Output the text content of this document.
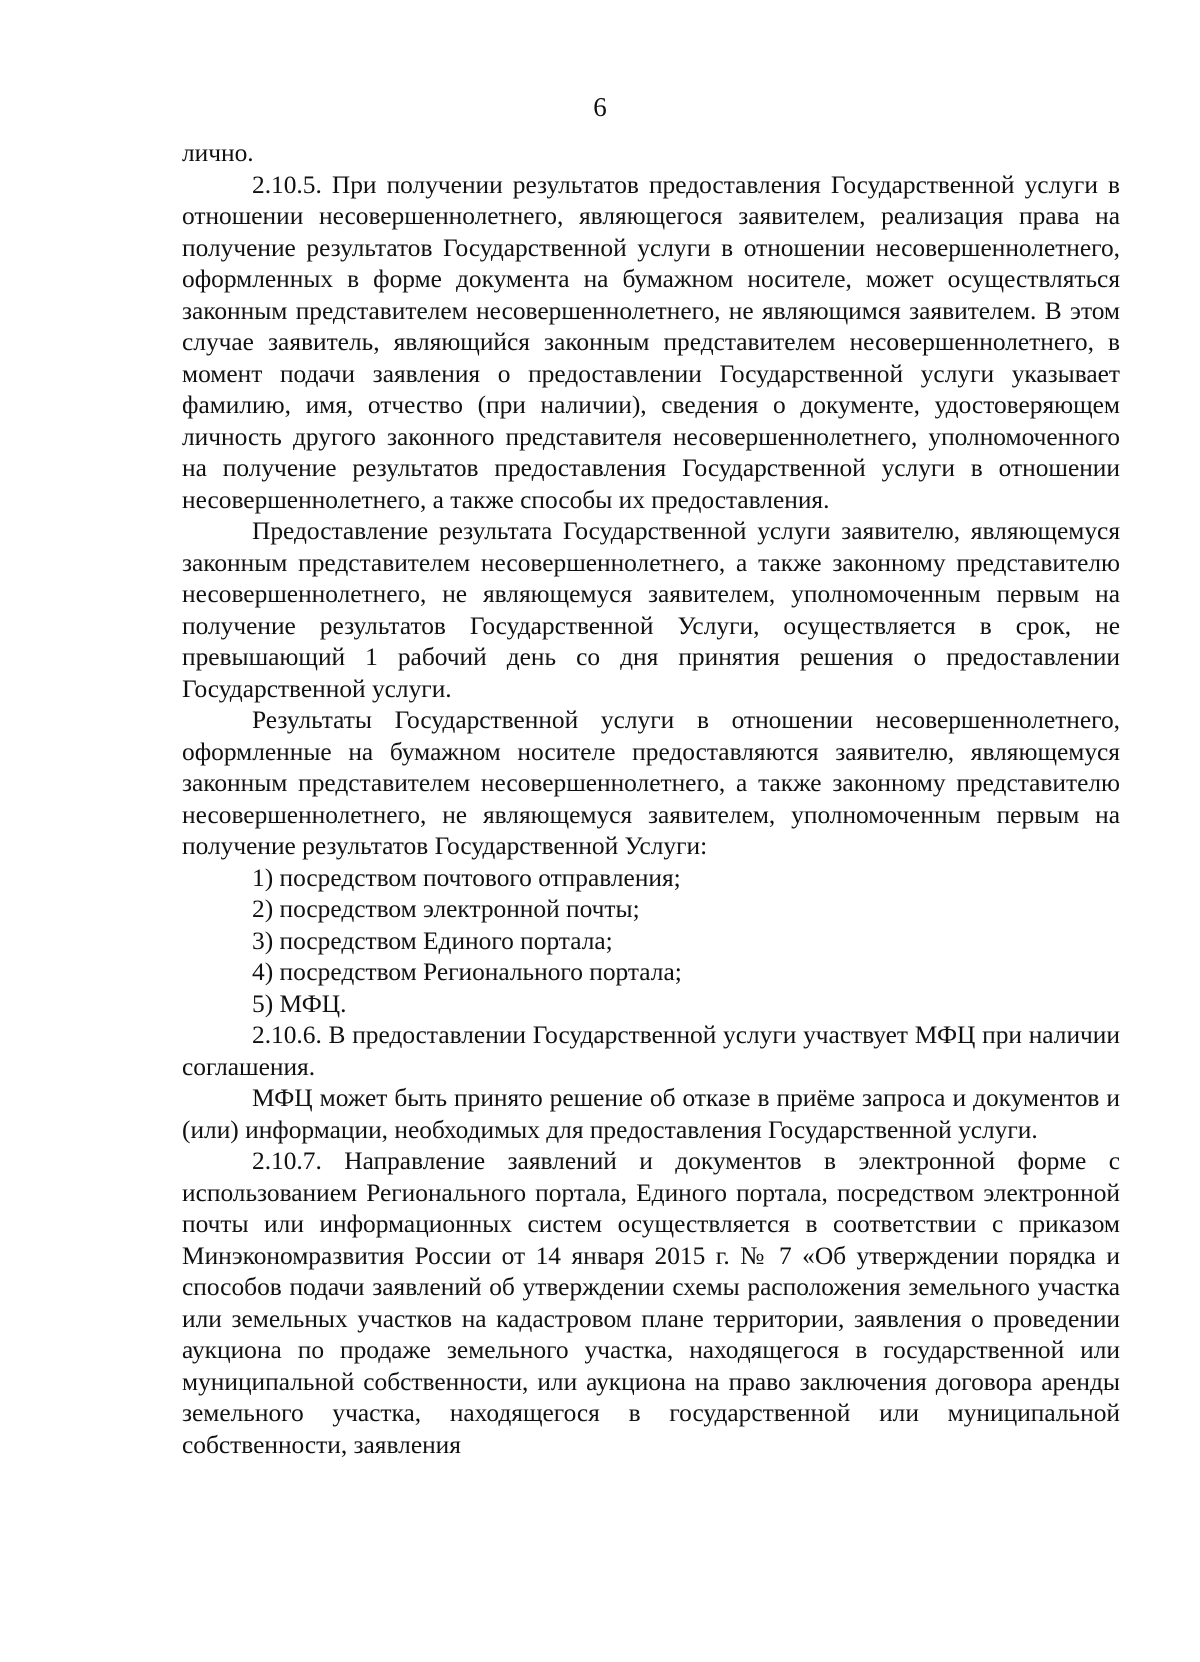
6

лично.

2.10.5. При получении результатов предоставления Государственной услуги в отношении несовершеннолетнего, являющегося заявителем, реализация права на получение результатов Государственной услуги в отношении несовершеннолетнего, оформленных в форме документа на бумажном носителе, может осуществляться законным представителем несовершеннолетнего, не являющимся заявителем. В этом случае заявитель, являющийся законным представителем несовершеннолетнего, в момент подачи заявления о предоставлении Государственной услуги указывает фамилию, имя, отчество (при наличии), сведения о документе, удостоверяющем личность другого законного представителя несовершеннолетнего, уполномоченного на получение результатов предоставления Государственной услуги в отношении несовершеннолетнего, а также способы их предоставления.

Предоставление результата Государственной услуги заявителю, являющемуся законным представителем несовершеннолетнего, а также законному представителю несовершеннолетнего, не являющемуся заявителем, уполномоченным первым на получение результатов Государственной Услуги, осуществляется в срок, не превышающий 1 рабочий день со дня принятия решения о предоставлении Государственной услуги.

Результаты Государственной услуги в отношении несовершеннолетнего, оформленные на бумажном носителе предоставляются заявителю, являющемуся законным представителем несовершеннолетнего, а также законному представителю несовершеннолетнего, не являющемуся заявителем, уполномоченным первым на получение результатов Государственной Услуги:

1) посредством почтового отправления;

2) посредством электронной почты;

3) посредством Единого портала;

4) посредством Регионального портала;

5) МФЦ.

2.10.6. В предоставлении Государственной услуги участвует МФЦ при наличии соглашения.

МФЦ может быть принято решение об отказе в приёме запроса и документов и (или) информации, необходимых для предоставления Государственной услуги.

2.10.7. Направление заявлений и документов в электронной форме с использованием Регионального портала, Единого портала, посредством электронной почты или информационных систем осуществляется в соответствии с приказом Минэкономразвития России от 14 января 2015 г. № 7 «Об утверждении порядка и способов подачи заявлений об утверждении схемы расположения земельного участка или земельных участков на кадастровом плане территории, заявления о проведении аукциона по продаже земельного участка, находящегося в государственной или муниципальной собственности, или аукциона на право заключения договора аренды земельного участка, находящегося в государственной или муниципальной собственности, заявления
